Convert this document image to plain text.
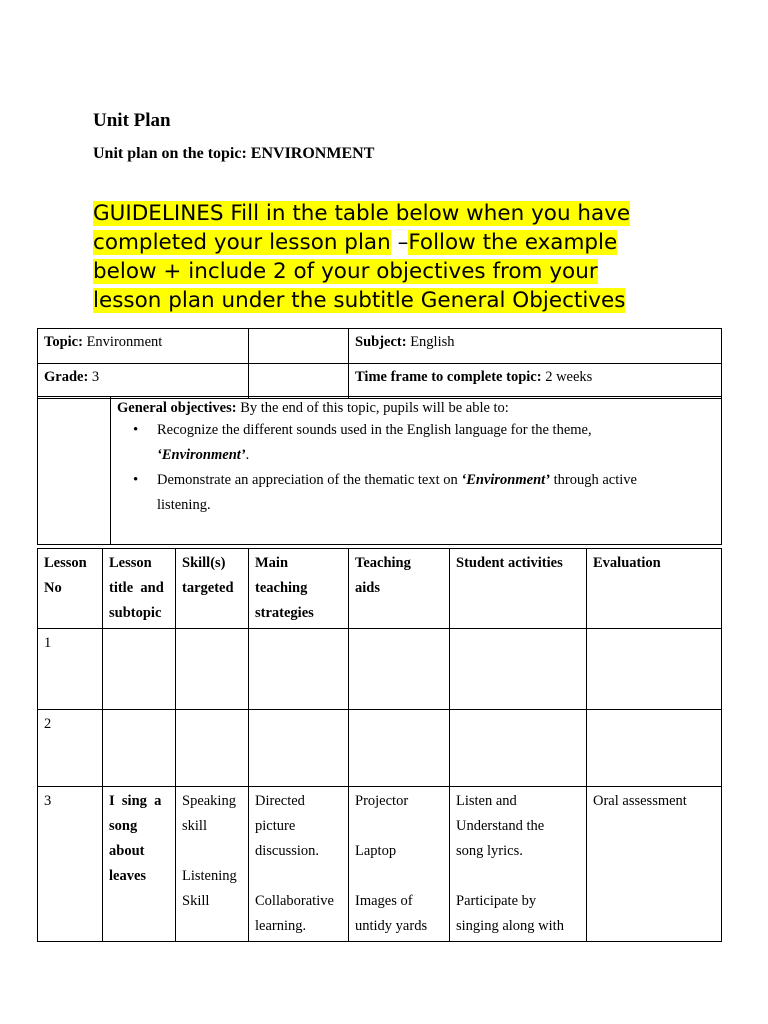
Unit Plan
Unit plan on the topic: ENVIRONMENT
GUIDELINES Fill in the table below when you have
completed your lesson plan –Follow the example
below + include 2 of your objectives from your
lesson plan under the subtitle General Objectives
Topic: Environment		Subject: English
Grade: 3		Time frame to complete topic: 2 weeks

General objectives: By the end of this topic, pupils will be able to:
• Recognize the different sounds used in the English language for the theme,
‘Environment’.
• Demonstrate an appreciation of the thematic text on ‘Environment’ through active
listening.
Lesson
No	Lesson
title  and
subtopic	Skill(s)
targeted	Main
teaching
strategies	Teaching
aids	Student activities	Evaluation
1						
2						
3	I  sing  a
song
about
leaves	Speaking
skill

Listening
Skill	Directed
picture
discussion.

Collaborative
learning.	Projector

Laptop

Images of
untidy yards	Listen and
Understand the
song lyrics.

Participate by
singing along with	Oral assessment
